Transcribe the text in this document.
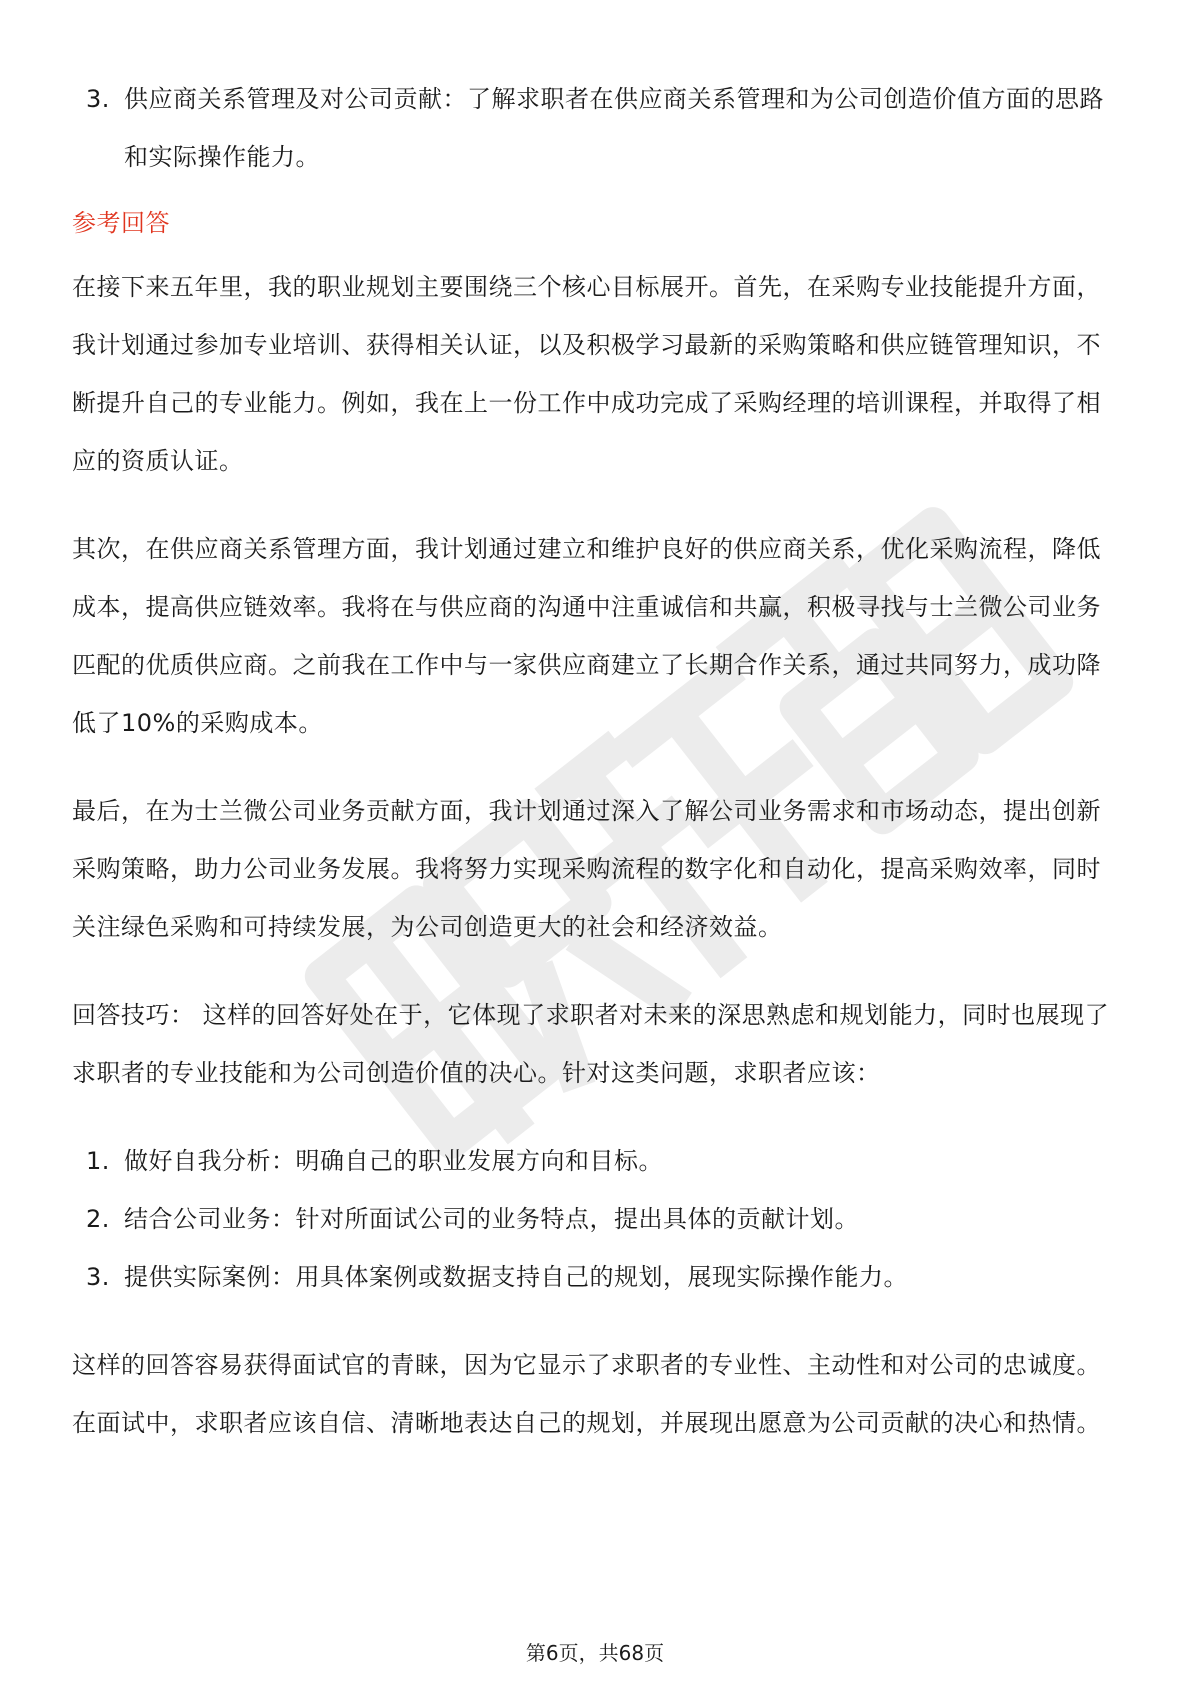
3. 供应商关系管理及对公司贡献：了解求职者在供应商关系管理和为公司创造价值方面的思路和实际操作能力。
参考回答

在接下来五年里，我的职业规划主要围绕三个核心目标展开。首先，在采购专业技能提升方面，我计划通过参加专业培训、获得相关认证，以及积极学习最新的采购策略和供应链管理知识，不断提升自己的专业能力。例如，我在上一份工作中成功完成了采购经理的培训课程，并取得了相应的资质认证。

其次，在供应商关系管理方面，我计划通过建立和维护良好的供应商关系，优化采购流程，降低成本，提高供应链效率。我将在与供应商的沟通中注重诚信和共赢，积极寻找与士兰微公司业务匹配的优质供应商。之前我在工作中与一家供应商建立了长期合作关系，通过共同努力，成功降低了10%的采购成本。

最后，在为士兰微公司业务贡献方面，我计划通过深入了解公司业务需求和市场动态，提出创新采购策略，助力公司业务发展。我将努力实现采购流程的数字化和自动化，提高采购效率，同时关注绿色采购和可持续发展，为公司创造更大的社会和经济效益。

回答技巧： 这样的回答好处在于，它体现了求职者对未来的深思熟虑和规划能力，同时也展现了求职者的专业技能和为公司创造价值的决心。针对这类问题，求职者应该：

1. 做好自我分析：明确自己的职业发展方向和目标。
2. 结合公司业务：针对所面试公司的业务特点，提出具体的贡献计划。
3. 提供实际案例：用具体案例或数据支持自己的规划，展现实际操作能力。

这样的回答容易获得面试官的青睐，因为它显示了求职者的专业性、主动性和对公司的忠诚度。在面试中，求职者应该自信、清晰地表达自己的规划，并展现出愿意为公司贡献的决心和热情。

第6页，共68页
